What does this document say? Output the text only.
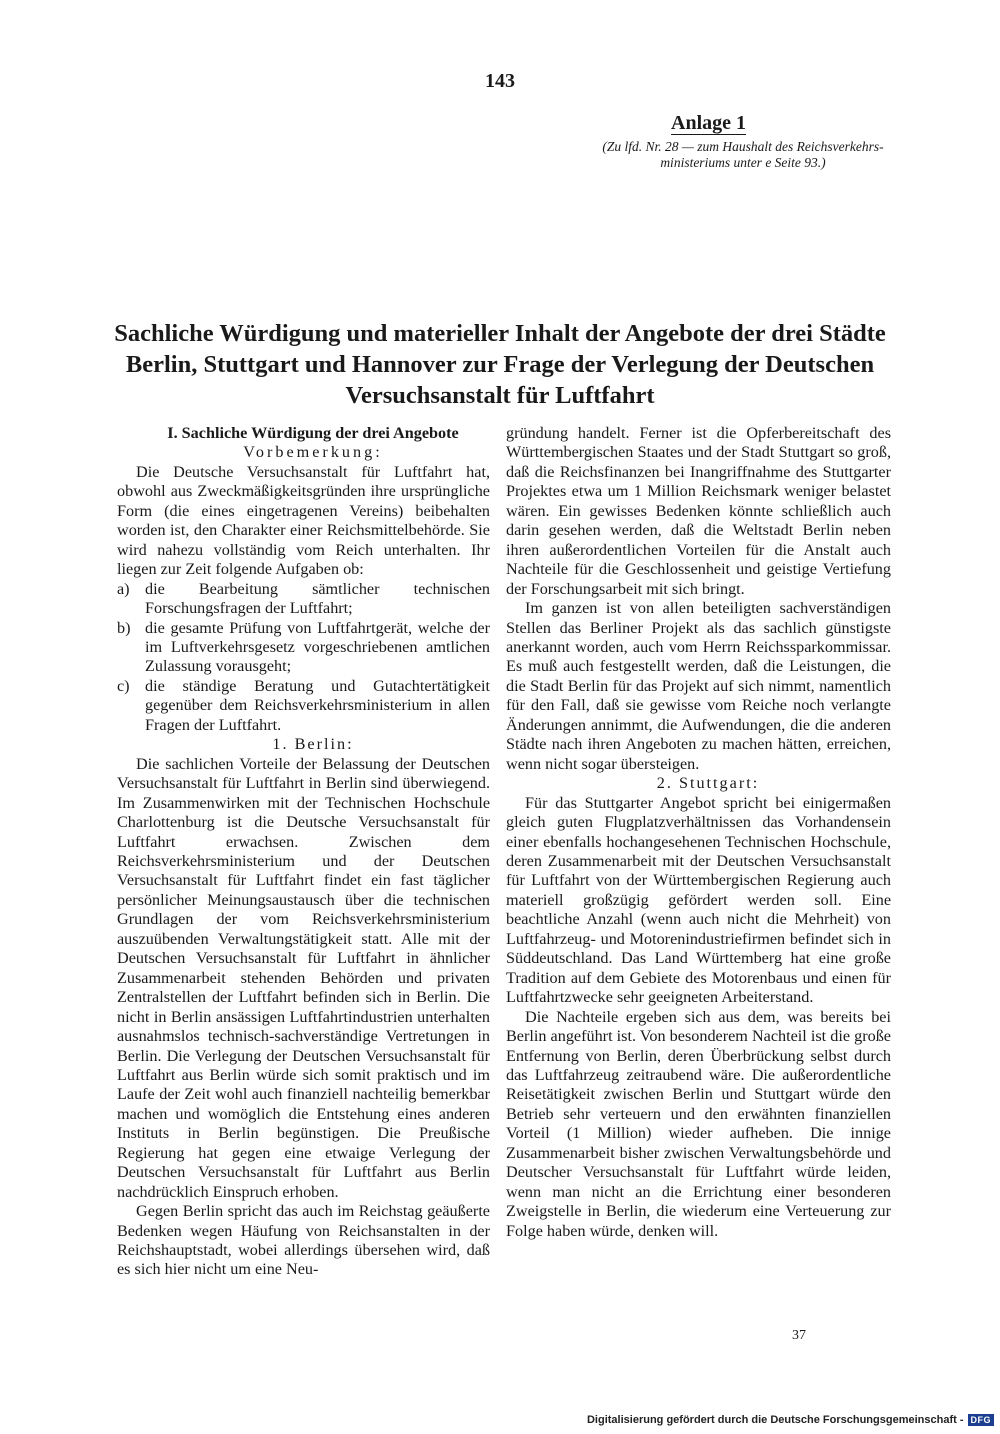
143
Anlage 1
(Zu lfd. Nr. 28 — zum Haushalt des Reichsverkehrs-
ministeriums unter e Seite 93.)
Sachliche Würdigung und materieller Inhalt der Angebote der drei Städte
Berlin, Stuttgart und Hannover zur Frage der Verlegung der Deutschen
Versuchsanstalt für Luftfahrt

I. Sachliche Würdigung der drei Angebote

Vorbemerkung:

Die Deutsche Versuchsanstalt für Luftfahrt hat, obwohl aus Zweckmäßigkeitsgründen ihre ursprüngliche Form (die eines eingetragenen Vereins) beibehalten worden ist, den Charakter einer Reichsmittelbehörde. Sie wird nahezu vollständig vom Reich unterhalten. Ihr liegen zur Zeit folgende Aufgaben ob:

a) die Bearbeitung sämtlicher technischen Forschungsfragen der Luftfahrt;
b) die gesamte Prüfung von Luftfahrtgerät, welche der im Luftverkehrsgesetz vorgeschriebenen amtlichen Zulassung vorausgeht;
c) die ständige Beratung und Gutachtertätigkeit gegenüber dem Reichsverkehrsministerium in allen Fragen der Luftfahrt.

1. Berlin:

Die sachlichen Vorteile der Belassung der Deutschen Versuchsanstalt für Luftfahrt in Berlin sind überwiegend. Im Zusammenwirken mit der Technischen Hochschule Charlottenburg ist die Deutsche Versuchsanstalt für Luftfahrt erwachsen. Zwischen dem Reichsverkehrsministerium und der Deutschen Versuchsanstalt für Luftfahrt findet ein fast täglicher persönlicher Meinungsaustausch über die technischen Grundlagen der vom Reichsverkehrsministerium auszuübenden Verwaltungstätigkeit statt. Alle mit der Deutschen Versuchsanstalt für Luftfahrt in ähnlicher Zusammenarbeit stehenden Behörden und privaten Zentralstellen der Luftfahrt befinden sich in Berlin. Die nicht in Berlin ansässigen Luftfahrtindustrien unterhalten ausnahmslos technisch-sachverständige Vertretungen in Berlin. Die Verlegung der Deutschen Versuchsanstalt für Luftfahrt aus Berlin würde sich somit praktisch und im Laufe der Zeit wohl auch finanziell nachteilig bemerkbar machen und womöglich die Entstehung eines anderen Instituts in Berlin begünstigen. Die Preußische Regierung hat gegen eine etwaige Verlegung der Deutschen Versuchsanstalt für Luftfahrt aus Berlin nachdrücklich Einspruch erhoben.

Gegen Berlin spricht das auch im Reichstag geäußerte Bedenken wegen Häufung von Reichsanstalten in der Reichshauptstadt, wobei allerdings übersehen wird, daß es sich hier nicht um eine Neu-

gründung handelt. Ferner ist die Opferbereitschaft des Württembergischen Staates und der Stadt Stuttgart so groß, daß die Reichsfinanzen bei Inangriffnahme des Stuttgarter Projektes etwa um 1 Million Reichsmark weniger belastet wären. Ein gewisses Bedenken könnte schließlich auch darin gesehen werden, daß die Weltstadt Berlin neben ihren außerordentlichen Vorteilen für die Anstalt auch Nachteile für die Geschlossenheit und geistige Vertiefung der Forschungsarbeit mit sich bringt.

Im ganzen ist von allen beteiligten sachverständigen Stellen das Berliner Projekt als das sachlich günstigste anerkannt worden, auch vom Herrn Reichssparkommissar. Es muß auch festgestellt werden, daß die Leistungen, die die Stadt Berlin für das Projekt auf sich nimmt, namentlich für den Fall, daß sie gewisse vom Reiche noch verlangte Änderungen annimmt, die Aufwendungen, die die anderen Städte nach ihren Angeboten zu machen hätten, erreichen, wenn nicht sogar übersteigen.

2. Stuttgart:

Für das Stuttgarter Angebot spricht bei einigermaßen gleich guten Flugplatzverhältnissen das Vorhandensein einer ebenfalls hochangesehenen Technischen Hochschule, deren Zusammenarbeit mit der Deutschen Versuchsanstalt für Luftfahrt von der Württembergischen Regierung auch materiell großzügig gefördert werden soll. Eine beachtliche Anzahl (wenn auch nicht die Mehrheit) von Luftfahrzeug- und Motorenindustriefirmen befindet sich in Süddeutschland. Das Land Württemberg hat eine große Tradition auf dem Gebiete des Motorenbaus und einen für Luftfahrtzwecke sehr geeigneten Arbeiterstand.

Die Nachteile ergeben sich aus dem, was bereits bei Berlin angeführt ist. Von besonderem Nachteil ist die große Entfernung von Berlin, deren Überbrückung selbst durch das Luftfahrzeug zeitraubend wäre. Die außerordentliche Reisetätigkeit zwischen Berlin und Stuttgart würde den Betrieb sehr verteuern und den erwähnten finanziellen Vorteil (1 Million) wieder aufheben. Die innige Zusammenarbeit bisher zwischen Verwaltungsbehörde und Deutscher Versuchsanstalt für Luftfahrt würde leiden, wenn man nicht an die Errichtung einer besonderen Zweigstelle in Berlin, die wiederum eine Verteuerung zur Folge haben würde, denken will.

37
Digitalisierung gefördert durch die Deutsche Forschungsgemeinschaft - DFG
